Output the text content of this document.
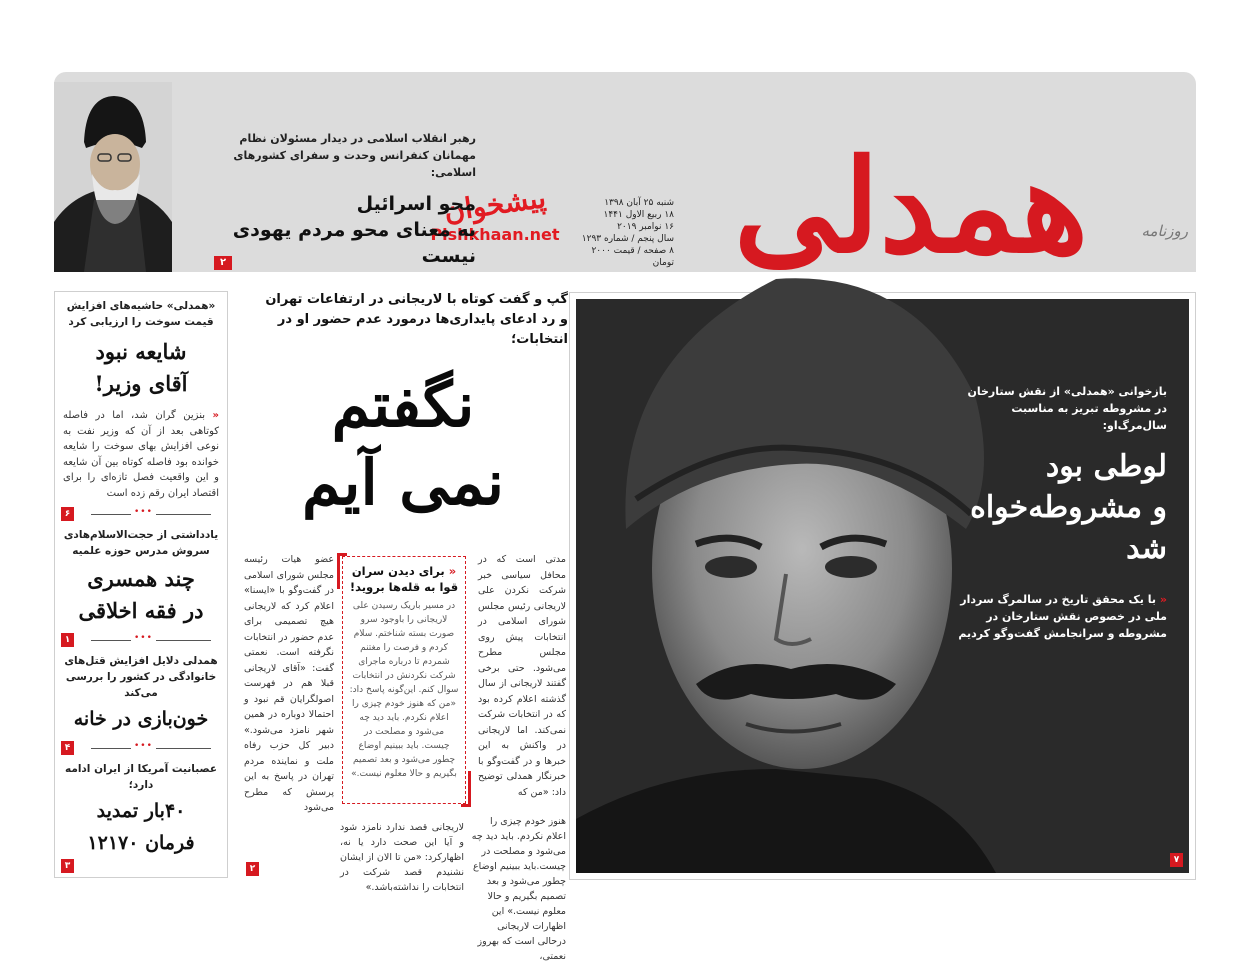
همدلی	روزنامه
شنبه ۲۵ آبان ۱۳۹۸
۱۸ ربیع الاول ۱۴۴۱
۱۶ نوامبر ۲۰۱۹
سال پنجم / شماره ۱۲۹۳
۸ صفحه / قیمت ۲۰۰۰ تومان
پیشخوان
Pishkhaan.net
رهبر انقلاب اسلامی در دیدار مسئولان نظام
مهمانان کنفرانس وحدت و سفرای کشورهای اسلامی:
محو اسرائیل
به معنای محو مردم یهودی نیست
۲
«همدلی» حاشیه‌های افزایش قیمت سوخت را ارزیابی کرد
شایعه نبود
آقای وزیر!
« بنزین گران شد، اما در فاصله کوتاهی بعد از آن که وزیر نفت به نوعی افزایش بهای سوخت را شایعه خوانده بود فاصله کوتاه بین آن شایعه و این واقعیت فصل تازه‌ای را برای اقتصاد ایران رقم زده است
•••
۶
یادداشتی از حجت‌الاسلام‌هادی سروش مدرس حوزه علمیه
چند همسری
در فقه اخلاقی
•••
۱
همدلی دلایل افزایش قتل‌های خانوادگی در کشور را بررسی می‌کند
خون‌بازی در خانه
•••
۴
عصبانیت آمریکا از ایران ادامه دارد؛
۴۰بار تمدید
فرمان ۱۲۱۷۰
۳
گپ و گفت کوتاه با لاریجانی در ارتفاعات تهران
و رد ادعای پایداری‌ها درمورد عدم حضور او در انتخابات؛
نگفتم
نمی آیم
مدتی است که در محافل سیاسی خبر شرکت نکردن علی لاریجانی رئیس مجلس شورای اسلامی در انتخابات پیش روی مجلس مطرح می‌شود. حتی برخی گفتند لاریجانی از سال گذشته اعلام کرده بود که در انتخابات شرکت نمی‌کند. اما لاریجانی در واکنش به این خبرها و در گفت‌وگو با خبرنگار همدلی توضیح داد: «من که
« برای دیدن سران قوا به قله‌ها بروید!
در مسیر باریک رسیدن علی لاریجانی را باوجود سرو صورت بسته شناختم. سلام کردم و فرصت را مغتنم شمردم تا درباره ماجرای شرکت نکردنش در انتخابات سوال کنم. این‌گونه پاسخ داد: «من که هنوز خودم چیزی را اعلام نکردم. باید دید چه می‌شود و مصلحت در چیست. باید ببینیم اوضاع چطور می‌شود و بعد تصمیم بگیریم و حالا معلوم نیست.»
عضو هیات رئیسه مجلس شورای اسلامی در گفت‌وگو با «ایسنا» اعلام کرد که لاریجانی هیچ تصمیمی برای عدم حضور در انتخابات نگرفته است. نعمتی گفت: «آقای لاریجانی قبلا هم در فهرست اصولگرایان قم نبود و احتمالا دوباره در همین شهر نامزد می‌شود.» دبیر کل حزب رفاه ملت و نماینده مردم تهران در پاسخ به این پرسش که مطرح می‌شود
هنوز خودم چیزی را اعلام نکردم. باید دید چه می‌شود و مصلحت در چیست.باید ببینیم اوضاع چطور می‌شود و بعد تصمیم بگیریم و حالا معلوم نیست.» این اظهارات لاریجانی درحالی است که بهروز نعمتی،
لاریجانی قصد ندارد نامزد شود و آیا این صحت دارد یا نه، اظهارکرد: «من تا الان از ایشان نشنیدم قصد شرکت در انتخابات را نداشته‌باشد.»
۲
بازخوانی «همدلی» از نقش ستارخان
در مشروطه تبریز به مناسبت سال‌مرگ‌او:
لوطی بود
و مشروطه‌خواه
شد
« با یک محقق تاریخ در سالمرگ سردار ملی در خصوص نقش ستارخان در مشروطه و سرانجامش گفت‌وگو کردیم
۷
